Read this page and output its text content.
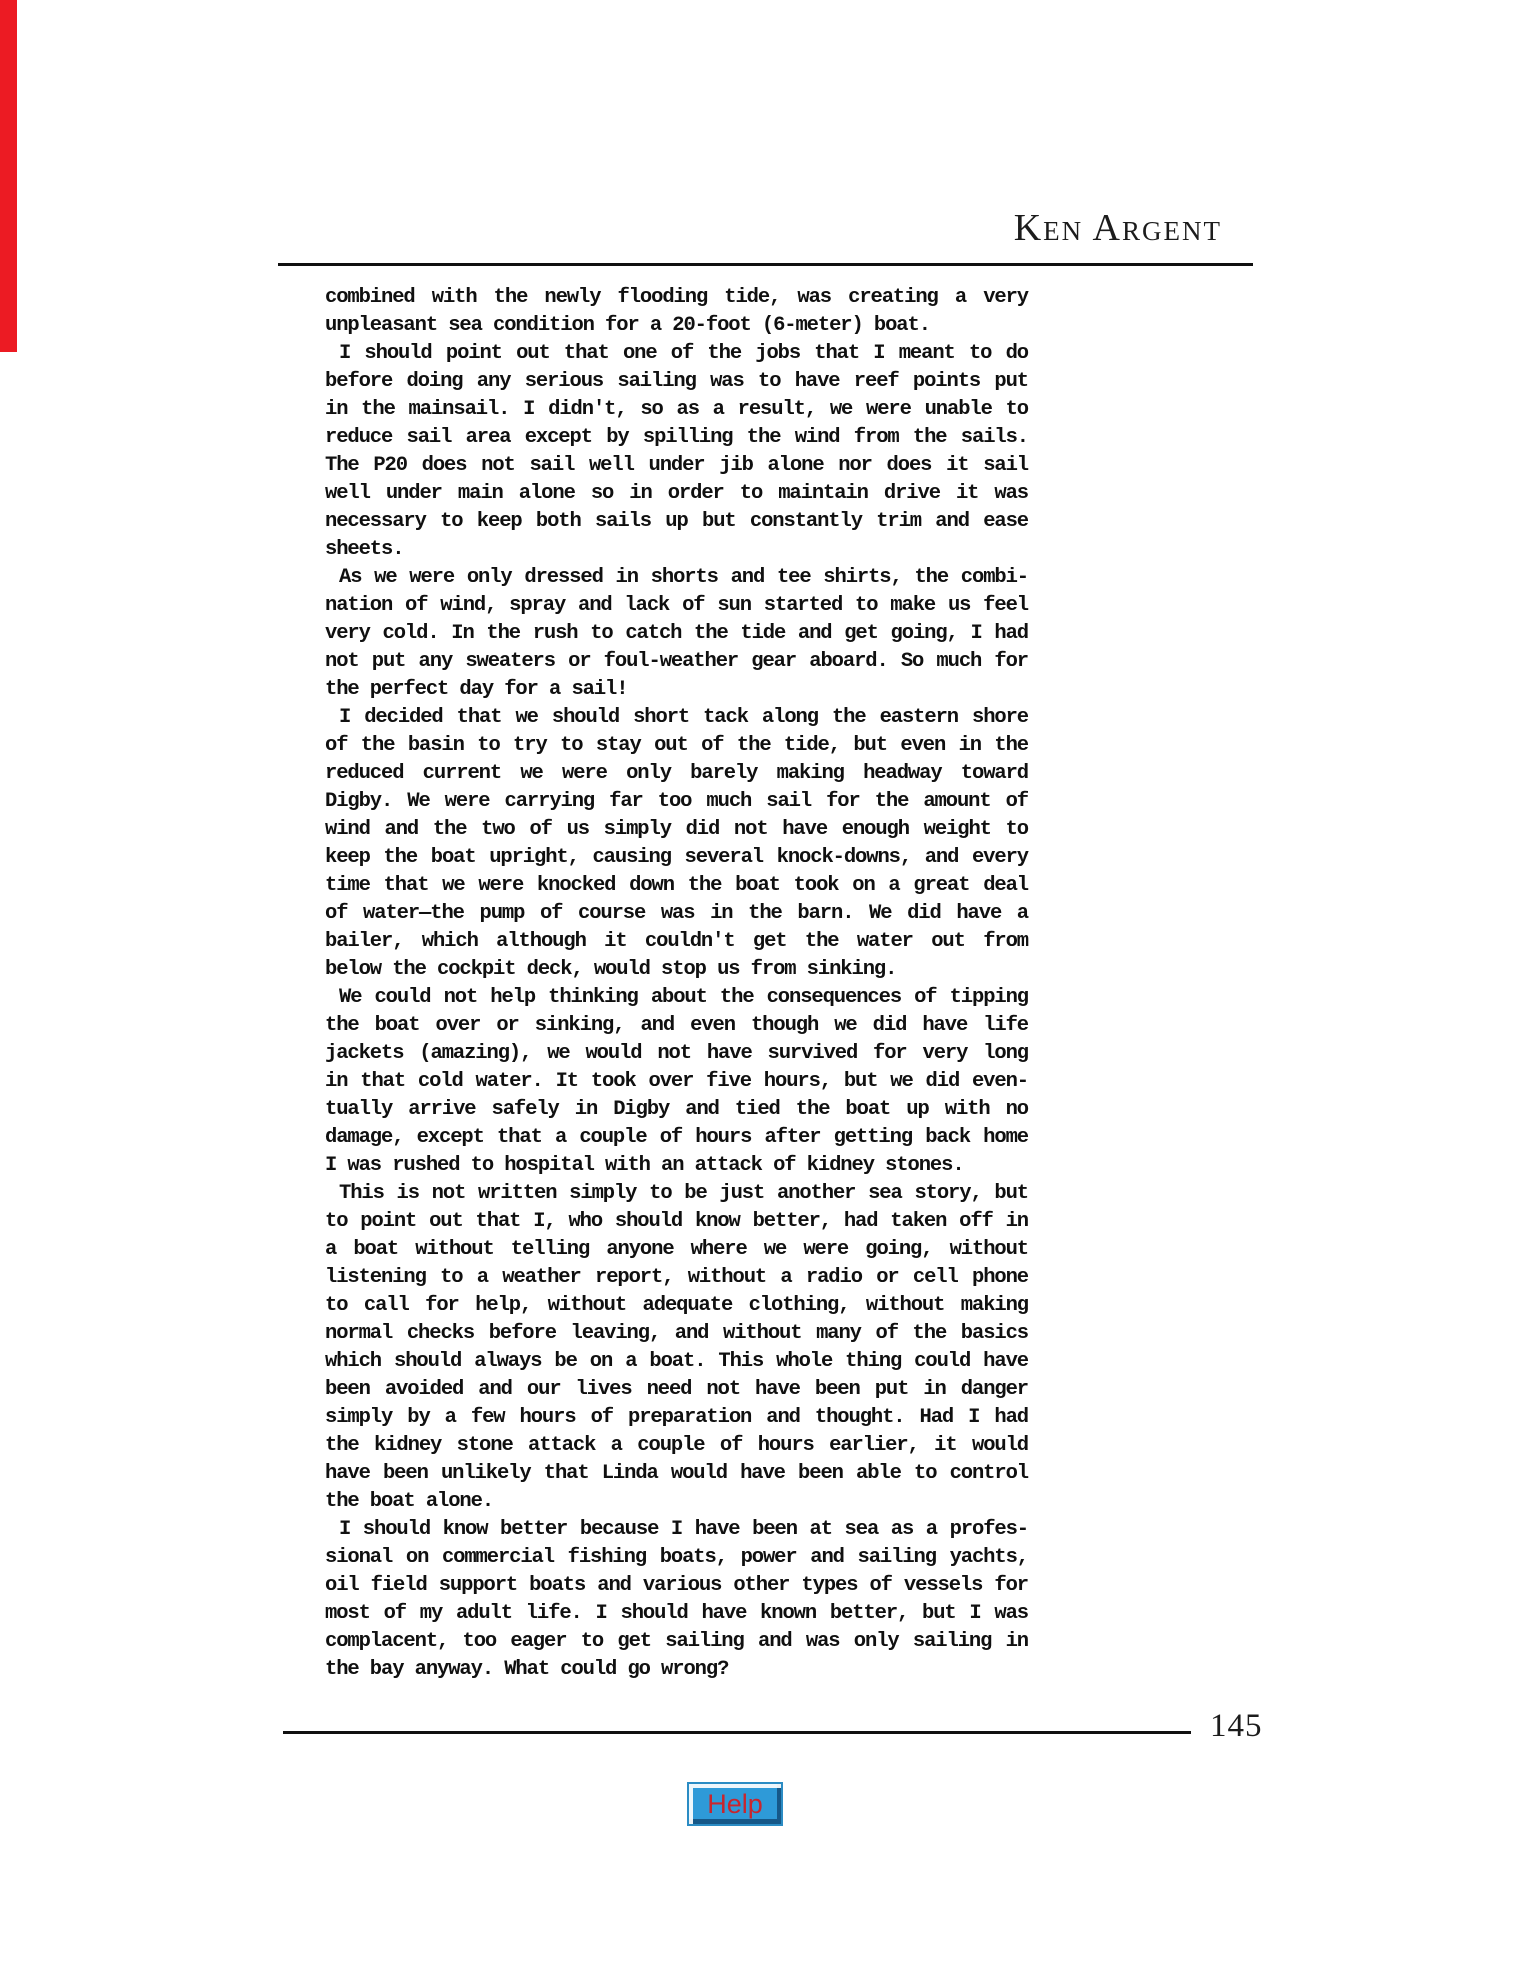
Ken Argent
combined with the newly flooding tide, was creating a very
unpleasant sea condition for a 20-foot (6-meter) boat.
I should point out that one of the jobs that I meant to do
before doing any serious sailing was to have reef points put
in the mainsail. I didn't, so as a result, we were unable to
reduce sail area except by spilling the wind from the sails.
The P20 does not sail well under jib alone nor does it sail
well under main alone so in order to maintain drive it was
necessary to keep both sails up but constantly trim and ease
sheets.
As we were only dressed in shorts and tee shirts, the combi-
nation of wind, spray and lack of sun started to make us feel
very cold. In the rush to catch the tide and get going, I had
not put any sweaters or foul-weather gear aboard. So much for
the perfect day for a sail!
I decided that we should short tack along the eastern shore
of the basin to try to stay out of the tide, but even in the
reduced current we were only barely making headway toward
Digby. We were carrying far too much sail for the amount of
wind and the two of us simply did not have enough weight to
keep the boat upright, causing several knock-downs, and every
time that we were knocked down the boat took on a great deal
of water—the pump of course was in the barn. We did have a
bailer, which although it couldn't get the water out from
below the cockpit deck, would stop us from sinking.
We could not help thinking about the consequences of tipping
the boat over or sinking, and even though we did have life
jackets (amazing), we would not have survived for very long
in that cold water. It took over five hours, but we did even-
tually arrive safely in Digby and tied the boat up with no
damage, except that a couple of hours after getting back home
I was rushed to hospital with an attack of kidney stones.
This is not written simply to be just another sea story, but
to point out that I, who should know better, had taken off in
a boat without telling anyone where we were going, without
listening to a weather report, without a radio or cell phone
to call for help, without adequate clothing, without making
normal checks before leaving, and without many of the basics
which should always be on a boat. This whole thing could have
been avoided and our lives need not have been put in danger
simply by a few hours of preparation and thought. Had I had
the kidney stone attack a couple of hours earlier, it would
have been unlikely that Linda would have been able to control
the boat alone.
I should know better because I have been at sea as a profes-
sional on commercial fishing boats, power and sailing yachts,
oil field support boats and various other types of vessels for
most of my adult life. I should have known better, but I was
complacent, too eager to get sailing and was only sailing in
the bay anyway. What could go wrong?
145
Help
